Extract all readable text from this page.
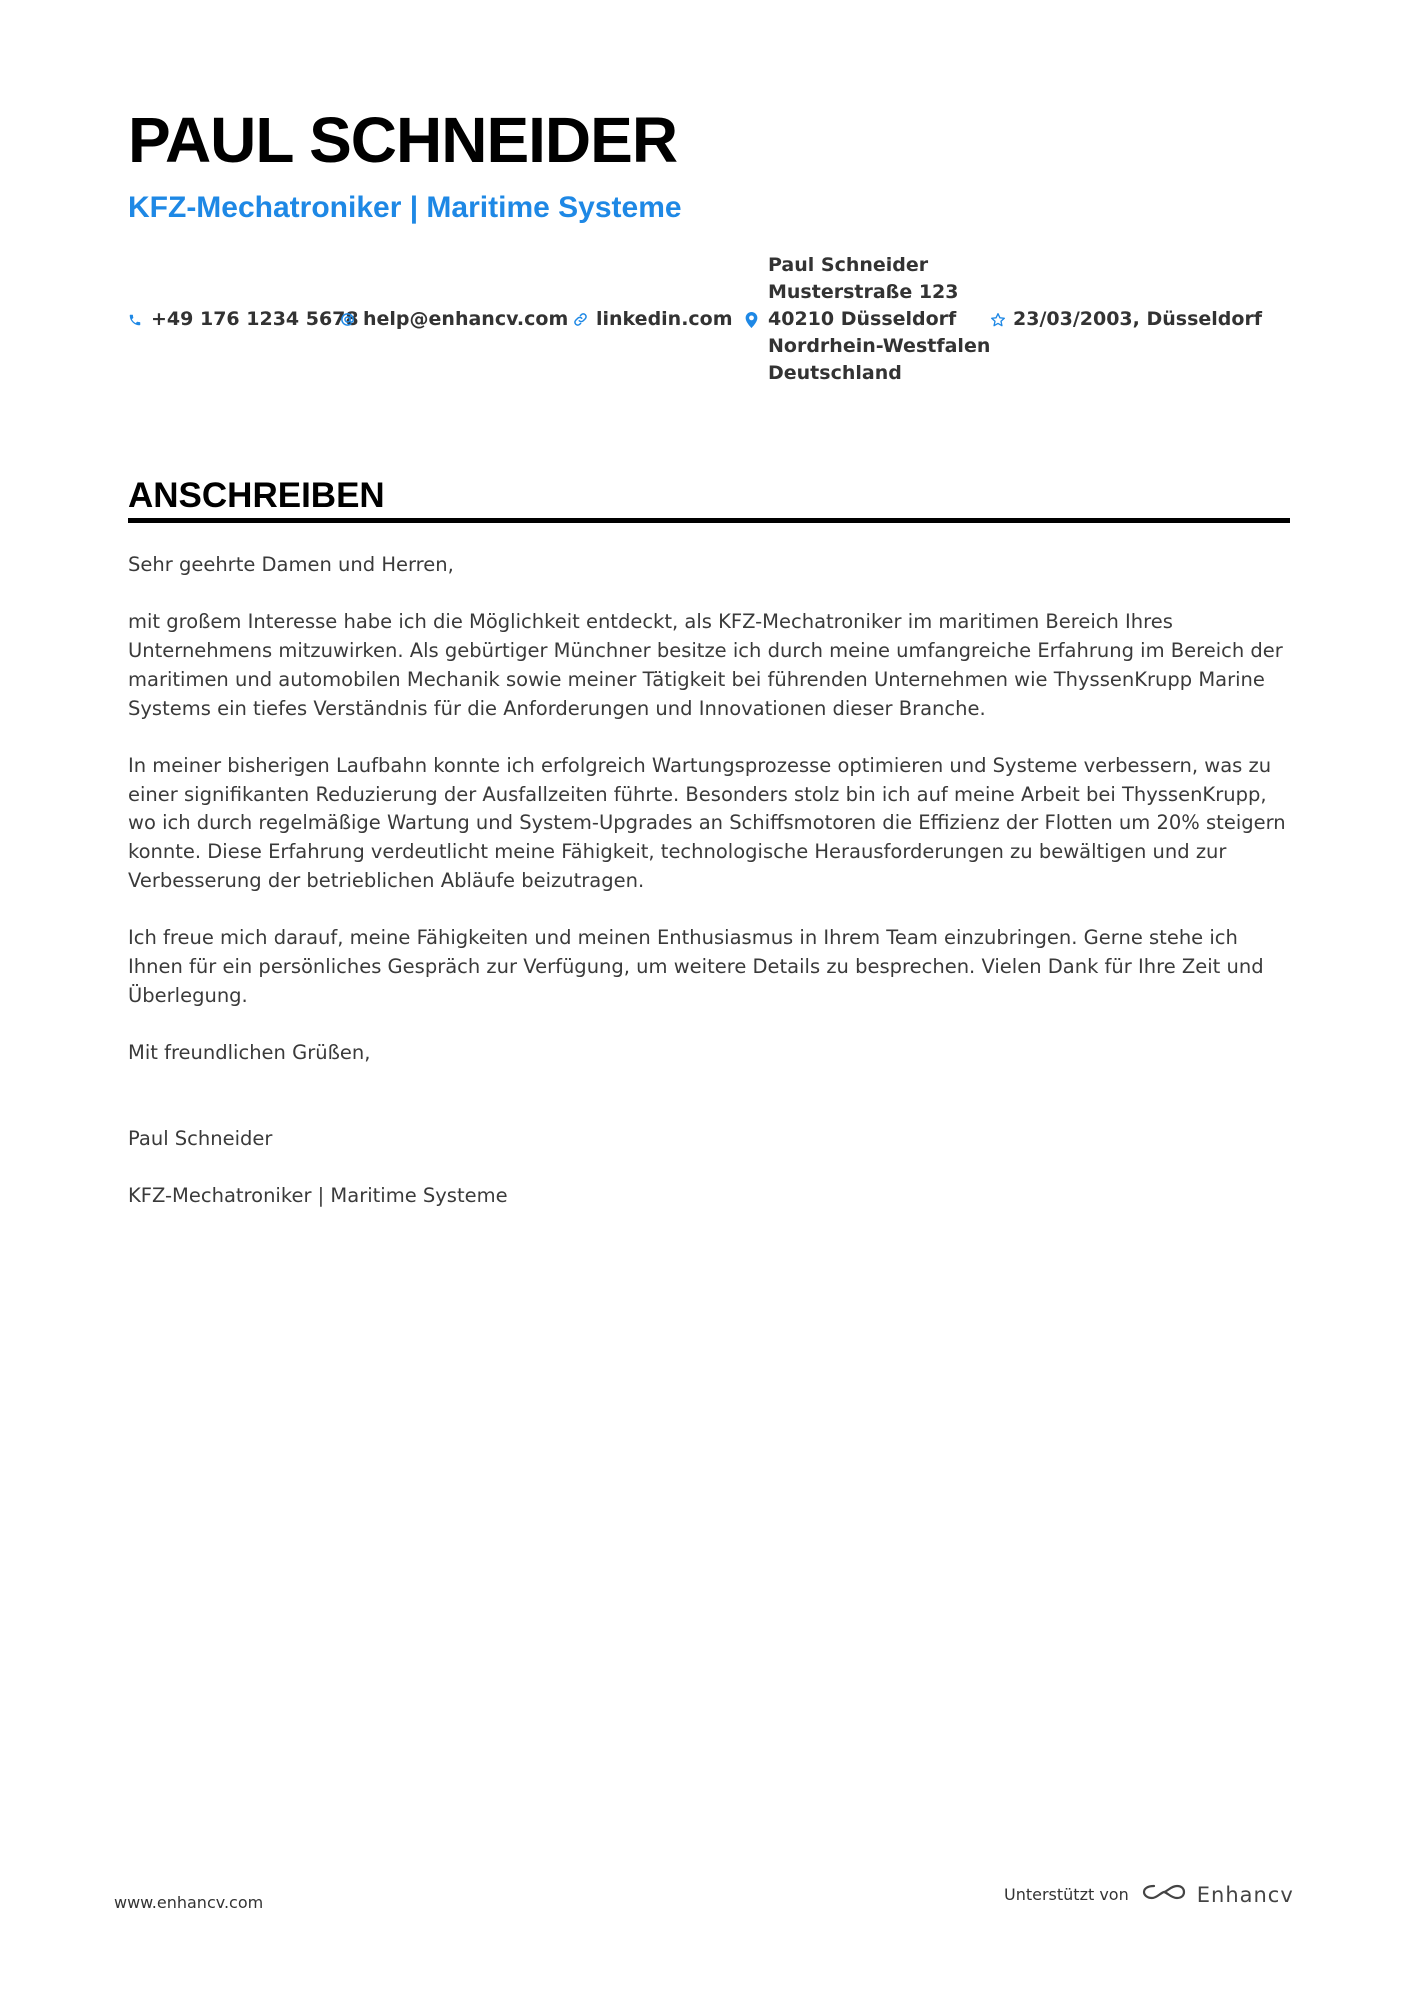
PAUL SCHNEIDER
KFZ-Mechatroniker | Maritime Systeme
+49 176 1234 5678 help@enhancv.com linkedin.com
Paul Schneider
Musterstraße 123
40210 Düsseldorf
Nordrhein-Westfalen
Deutschland
23/03/2003, Düsseldorf
ANSCHREIBEN

Sehr geehrte Damen und Herren,

mit großem Interesse habe ich die Möglichkeit entdeckt, als KFZ-Mechatroniker im maritimen Bereich Ihres Unternehmens mitzuwirken. Als gebürtiger Münchner besitze ich durch meine umfangreiche Erfahrung im Bereich der maritimen und automobilen Mechanik sowie meiner Tätigkeit bei führenden Unternehmen wie ThyssenKrupp Marine Systems ein tiefes Verständnis für die Anforderungen und Innovationen dieser Branche.

In meiner bisherigen Laufbahn konnte ich erfolgreich Wartungsprozesse optimieren und Systeme verbessern, was zu einer signifikanten Reduzierung der Ausfallzeiten führte. Besonders stolz bin ich auf meine Arbeit bei ThyssenKrupp, wo ich durch regelmäßige Wartung und System-Upgrades an Schiffsmotoren die Effizienz der Flotten um 20% steigern konnte. Diese Erfahrung verdeutlicht meine Fähigkeit, technologische Herausforderungen zu bewältigen und zur Verbesserung der betrieblichen Abläufe beizutragen.

Ich freue mich darauf, meine Fähigkeiten und meinen Enthusiasmus in Ihrem Team einzubringen. Gerne stehe ich Ihnen für ein persönliches Gespräch zur Verfügung, um weitere Details zu besprechen. Vielen Dank für Ihre Zeit und Überlegung.

Mit freundlichen Grüßen,

Paul Schneider

KFZ-Mechatroniker | Maritime Systeme

www.enhancv.com	Unterstützt von	Enhancv
